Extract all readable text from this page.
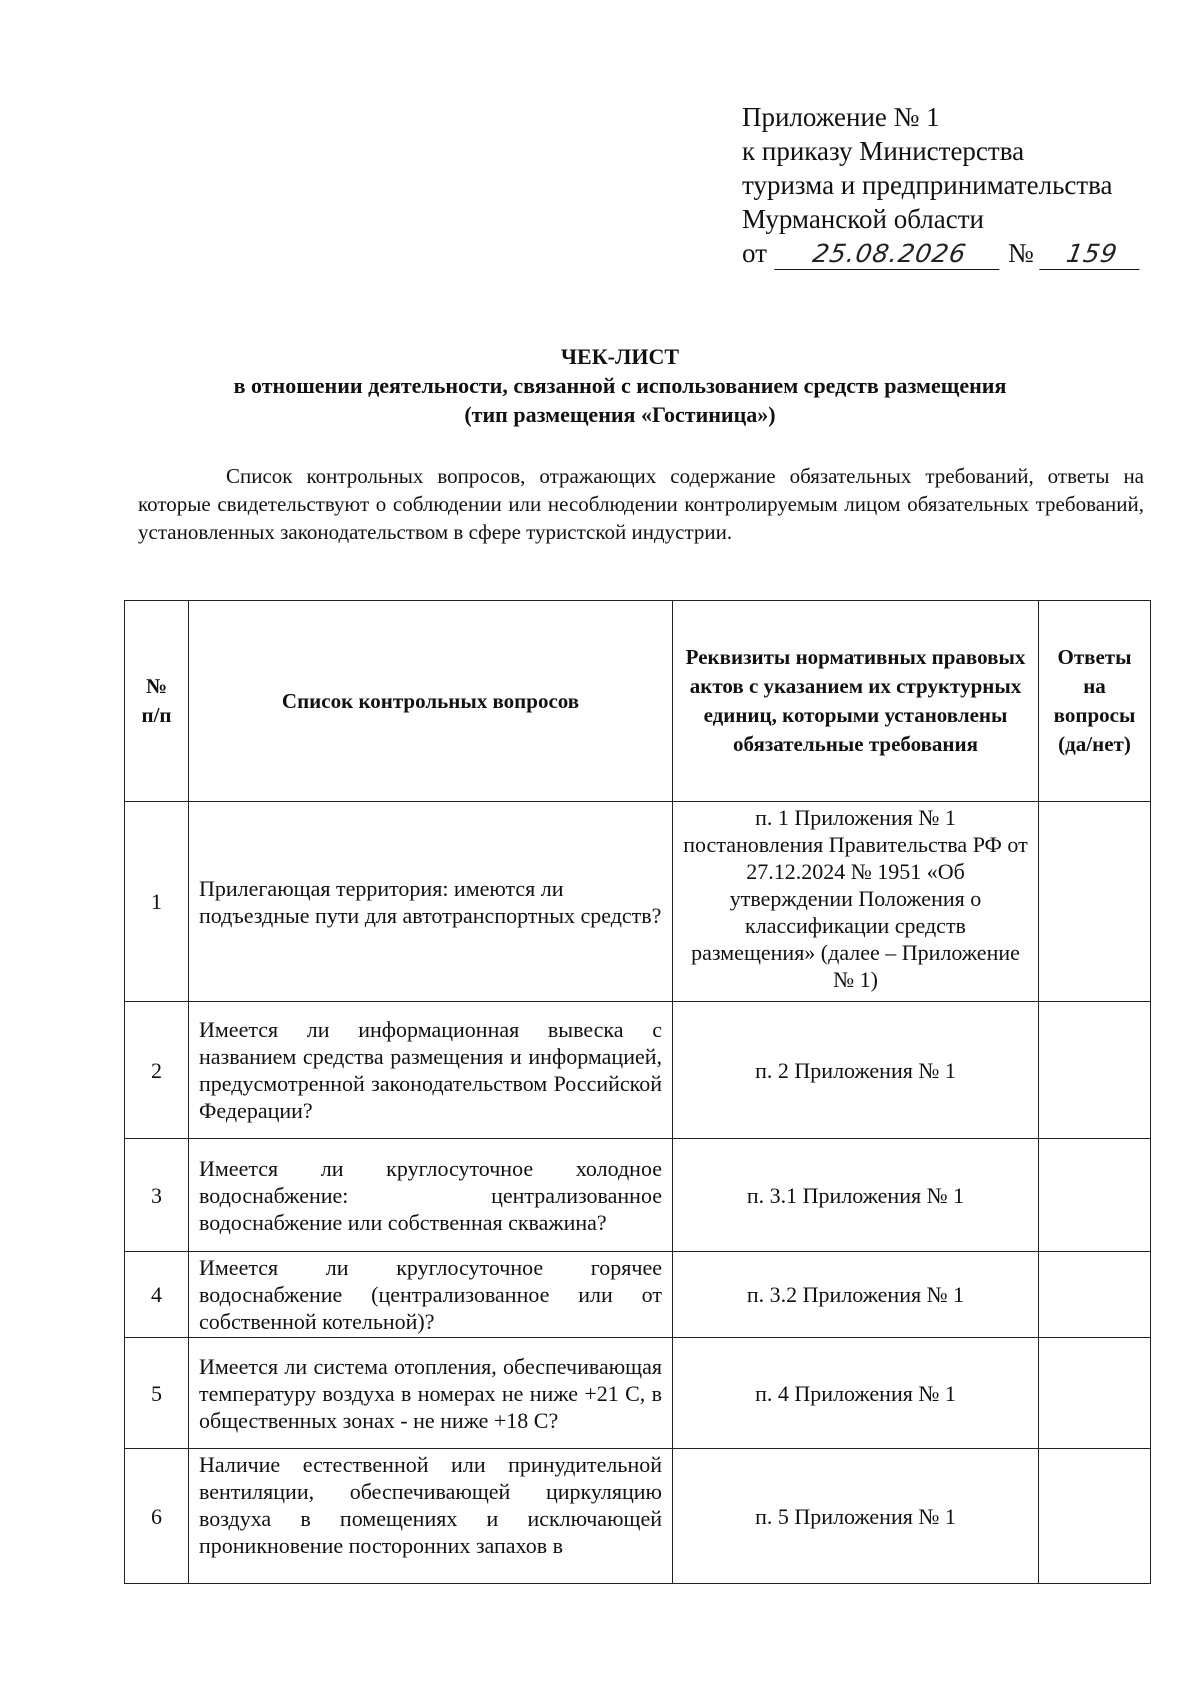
Приложение № 1
к приказу Министерства
туризма и предпринимательства
Мурманской области
от	25.08.2026	№	159
ЧЕК-ЛИСТ
в отношении деятельности, связанной с использованием средств размещения
(тип размещения «Гостиница»)
Список контрольных вопросов, отражающих содержание обязательных требований, ответы на которые свидетельствуют о соблюдении или несоблюдении контролируемым лицом обязательных требований, установленных законодательством в сфере туристской индустрии.
№ п/п	Список контрольных вопросов	Реквизиты нормативных правовых актов с указанием их структурных единиц, которыми установлены обязательные требования	Ответы на вопросы (да/нет)
1	Прилегающая территория: имеются ли подъездные пути для автотранспортных средств?	п. 1 Приложения № 1 постановления Правительства РФ от 27.12.2024 № 1951 «Об утверждении Положения о классификации средств размещения» (далее – Приложение № 1)	
2	Имеется ли информационная вывеска с названием средства размещения и информацией, предусмотренной законодательством Российской Федерации?	п. 2 Приложения № 1	
3	Имеется ли круглосуточное холодное водоснабжение: централизованное водоснабжение или собственная скважина?	п. 3.1 Приложения № 1	
4	Имеется ли круглосуточное горячее водоснабжение (централизованное или от собственной котельной)?	п. 3.2 Приложения № 1	
5	Имеется ли система отопления, обеспечивающая температуру воздуха в номерах не ниже +21 С, в общественных зонах - не ниже +18 С?	п. 4 Приложения № 1	
6	Наличие естественной или принудительной вентиляции, обеспечивающей циркуляцию воздуха в помещениях и исключающей проникновение посторонних запахов в	п. 5 Приложения № 1	
